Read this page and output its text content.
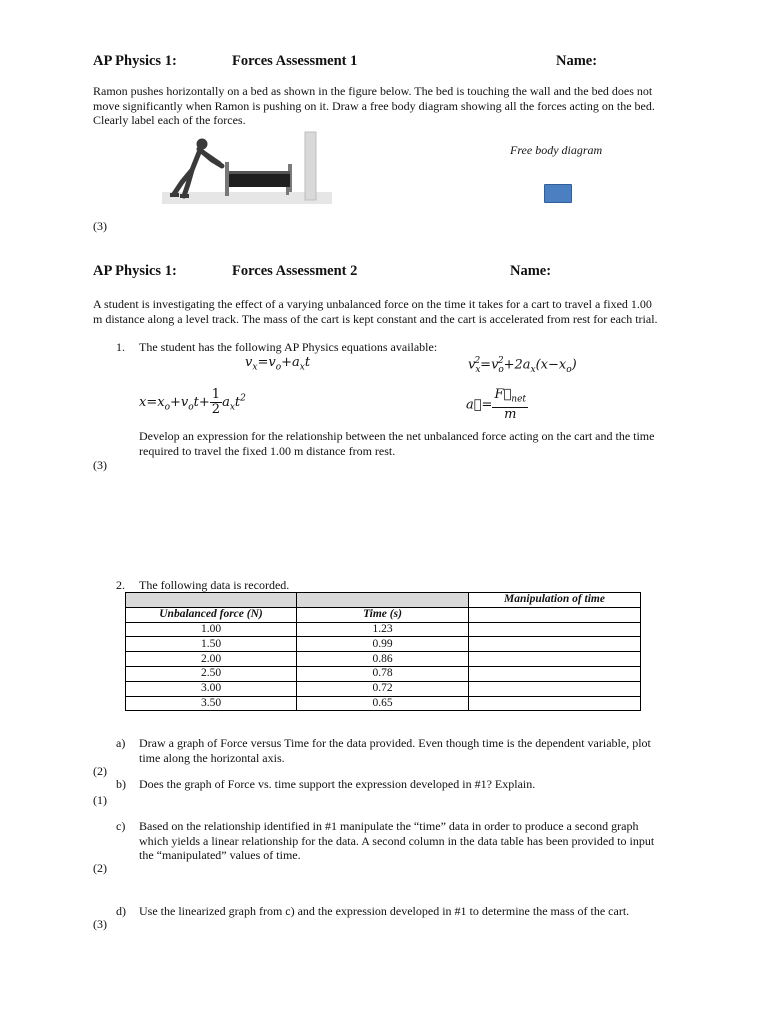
AP Physics 1:	Forces Assessment 1	Name:
Ramon pushes horizontally on a bed as shown in the figure below. The bed is touching the wall and the bed does not
move significantly when Ramon is pushing on it. Draw a free body diagram showing all the forces acting on the bed.
Clearly label each of the forces.
Free body diagram
(3)
AP Physics 1:	Forces Assessment 2	Name:
A student is investigating the effect of a varying unbalanced force on the time it takes for a cart to travel a fixed 1.00
m distance along a level track. The mass of the cart is kept constant and the cart is accelerated from rest for each trial.
1. The student has the following AP Physics equations available:
$v_x=v_o+a_xt$	$v_x^2=v_o^2+2a_x(x-x_o)$
$x=x_o+v_ot+ \frac{1}{2} a_xt^2$	a⃗= $\frac{F⃗_{net}}{m}$
Develop an expression for the relationship between the net unbalanced force acting on the cart and the time
required to travel the fixed 1.00 m distance from rest.
(3)
2. The following data is recorded.
		Manipulation of time
Unbalanced force (N)	Time (s)	
1.00	1.23	
1.50	0.99	
2.00	0.86	
2.50	0.78	
3.00	0.72	
3.50	0.65	
a) Draw a graph of Force versus Time for the data provided. Even though time is the dependent variable, plot
time along the horizontal axis.
(2)
b) Does the graph of Force vs. time support the expression developed in #1? Explain.
(1)
c) Based on the relationship identified in #1 manipulate the “time” data in order to produce a second graph
which yields a linear relationship for the data. A second column in the data table has been provided to input
the “manipulated” values of time.
(2)
d) Use the linearized graph from c) and the expression developed in #1 to determine the mass of the cart.
(3)
